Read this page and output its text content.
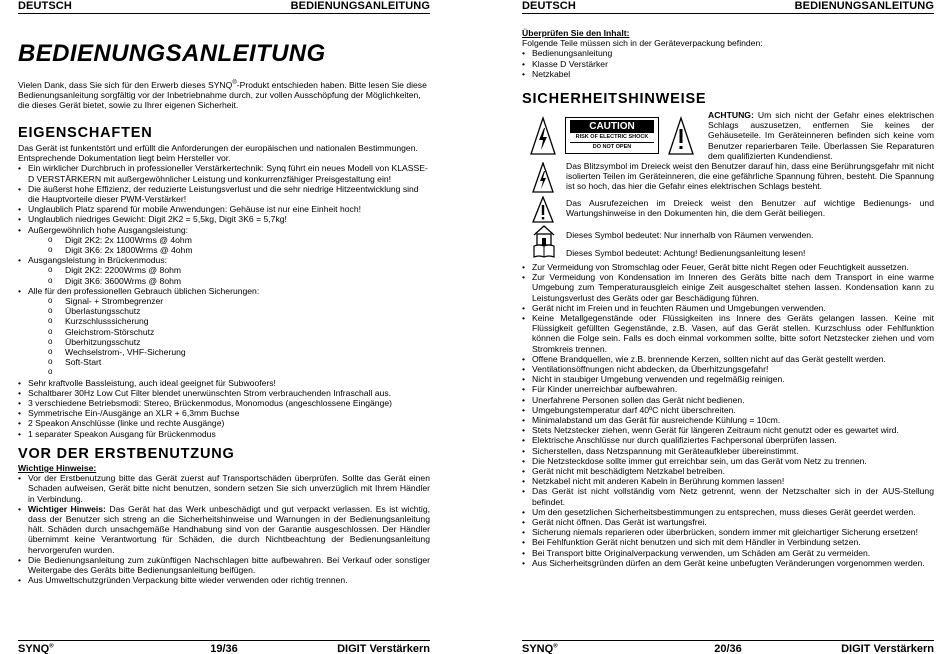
DEUTSCH	BEDIENUNGSANLEITUNG
BEDIENUNGSANLEITUNG
Vielen Dank, dass Sie sich für den Erwerb dieses SYNQ®-Produkt entschieden haben. Bitte lesen Sie diese Bedienungsanleitung sorgfältig vor der Inbetriebnahme durch, zur vollen Ausschöpfung der Möglichkeiten, die dieses Gerät bietet, sowie zu Ihrer eigenen Sicherheit.
EIGENSCHAFTEN
Das Gerät ist funkentstört und erfüllt die Anforderungen der europäischen und nationalen Bestimmungen. Entsprechende Dokumentation liegt beim Hersteller vor.
• Ein wirklicher Durchbruch in professioneller Verstärkertechnik: Synq führt ein neues Modell von KLASSE-D VERSTÄRKERN mit außergewöhnlicher Leistung und konkurrenzfähiger Preisgestaltung ein!
• Die äußerst hohe Effizienz, der reduzierte Leistungsverlust und die sehr niedrige Hitzeentwicklung sind die Hauptvorteile dieser PWM-Verstärker!
• Unglaublich Platz sparend für mobile Anwendungen: Gehäuse ist nur eine Einheit hoch!
• Unglaublich niedriges Gewicht: Digit 2K2 = 5,5kg, Digit 3K6 = 5,7kg!
• Außergewöhnlich hohe Ausgangsleistung:
o Digit 2K2: 2x 1100Wrms @ 4ohm
o Digit 3K6: 2x 1800Wrms @ 4ohm
• Ausgangsleistung in Brückenmodus:
o Digit 2K2: 2200Wrms @ 8ohm
o Digit 3K6: 3600Wrms @ 8ohm
• Alle für den professionellen Gebrauch üblichen Sicherungen:
o Signal- + Strombegrenzer
o Überlastungsschutz
o Kurzschlusssicherung
o Gleichstrom-Störschutz
o Überhitzungsschutz
o Wechselstrom-, VHF-Sicherung
o Soft-Start
o
• Sehr kraftvolle Bassleistung, auch ideal geeignet für Subwoofers!
• Schaltbarer 30Hz Low Cut Filter blendet unerwünschten Strom verbrauchenden Infraschall aus.
• 3 verschiedene Betriebsmodi: Stereo, Brückenmodus, Monomodus (angeschlossene Eingänge)
• Symmetrische Ein-/Ausgänge an XLR + 6,3mm Buchse
• 2 Speakon Anschlüsse (linke und rechte Ausgänge)
• 1 separater Speakon Ausgang für Brückenmodus
VOR DER ERSTBENUTZUNG
Wichtige Hinweise:
• Vor der Erstbenutzung bitte das Gerät zuerst auf Transportschäden überprüfen. Sollte das Gerät einen Schaden aufweisen, Gerät bitte nicht benutzen, sondern setzen Sie sich unverzüglich mit Ihrem Händler in Verbindung.
• Wichtiger Hinweis: Das Gerät hat das Werk unbeschädigt und gut verpackt verlassen. Es ist wichtig, dass der Benutzer sich streng an die Sicherheitshinweise und Warnungen in der Bedienungsanleitung hält. Schäden durch unsachgemäße Handhabung sind von der Garantie ausgeschlossen. Der Händler übernimmt keine Verantwortung für Schäden, die durch Nichtbeachtung der Bedienungsanleitung hervorgerufen wurden.
• Die Bedienungsanleitung zum zukünftigen Nachschlagen bitte aufbewahren. Bei Verkauf oder sonstiger Weitergabe des Geräts bitte Bedienungsanleitung beifügen.
• Aus Umweltschutzgründen Verpackung bitte wieder verwenden oder richtig trennen.
SYNQ®	19/36	DIGIT Verstärkern
DEUTSCH	BEDIENUNGSANLEITUNG
Überprüfen Sie den Inhalt:
Folgende Teile müssen sich in der Geräteverpackung befinden:
• Bedienungsanleitung
• Klasse D Verstärker
• Netzkabel
SICHERHEITSHINWEISE
CAUTION
RISK OF ELECTRIC SHOCK
DO NOT OPEN
ACHTUNG: Um sich nicht der Gefahr eines elektrischen Schlags auszusetzen, entfernen Sie keines der Gehäuseteile. Im Geräteinneren befinden sich keine vom Benutzer reparierbaren Teile. Überlassen Sie Reparaturen dem qualifizierten Kundendienst.
Das Blitzsymbol im Dreieck weist den Benutzer darauf hin, dass eine Berührungsgefahr mit nicht isolierten Teilen im Geräteinneren, die eine gefährliche Spannung führen, besteht. Die Spannung ist so hoch, das hier die Gefahr eines elektrischen Schlags besteht.
Das Ausrufezeichen im Dreieck weist den Benutzer auf wichtige Bedienungs- und Wartungshinweise in den Dokumenten hin, die dem Gerät beiliegen.
Dieses Symbol bedeutet: Nur innerhalb von Räumen verwenden.
Dieses Symbol bedeutet: Achtung! Bedienungsanleitung lesen!
• Zur Vermeidung von Stromschlag oder Feuer, Gerät bitte nicht Regen oder Feuchtigkeit aussetzen.
• Zur Vermeidung von Kondensation im Inneren des Geräts bitte nach dem Transport in eine warme Umgebung zum Temperaturausgleich einige Zeit ausgeschaltet stehen lassen. Kondensation kann zu Leistungsverlust des Geräts oder gar Beschädigung führen.
• Gerät nicht im Freien und in feuchten Räumen und Umgebungen verwenden.
• Keine Metallgegenstände oder Flüssigkeiten ins Innere des Geräts gelangen lassen. Keine mit Flüssigkeit gefüllten Gegenstände, z.B. Vasen, auf das Gerät stellen. Kurzschluss oder Fehlfunktion können die Folge sein. Falls es doch einmal vorkommen sollte, bitte sofort Netzstecker ziehen und vom Stromkreis trennen.
• Offene Brandquellen, wie z.B. brennende Kerzen, sollten nicht auf das Gerät gestellt werden.
• Ventilationsöffnungen nicht abdecken, da Überhitzungsgefahr!
• Nicht in staubiger Umgebung verwenden und regelmäßig reinigen.
• Für Kinder unerreichbar aufbewahren.
• Unerfahrene Personen sollen das Gerät nicht bedienen.
• Umgebungstemperatur darf 40ºC nicht überschreiten.
• Minimalabstand um das Gerät für ausreichende Kühlung = 10cm.
• Stets Netzstecker ziehen, wenn Gerät für längeren Zeitraum nicht genutzt oder es gewartet wird.
• Elektrische Anschlüsse nur durch qualifiziertes Fachpersonal überprüfen lassen.
• Sicherstellen, dass Netzspannung mit Geräteaufkleber übereinstimmt.
• Die Netzsteckdose sollte immer gut erreichbar sein, um das Gerät vom Netz zu trennen.
• Gerät nicht mit beschädigtem Netzkabel betreiben.
• Netzkabel nicht mit anderen Kabeln in Berührung kommen lassen!
• Das Gerät ist nicht vollständig vom Netz getrennt, wenn der Netzschalter sich in der AUS-Stellung befindet.
• Um den gesetzlichen Sicherheitsbestimmungen zu entsprechen, muss dieses Gerät geerdet werden.
• Gerät nicht öffnen. Das Gerät ist wartungsfrei.
• Sicherung niemals reparieren oder überbrücken, sondern immer mit gleichartiger Sicherung ersetzen!
• Bei Fehlfunktion Gerät nicht benutzen und sich mit dem Händler in Verbindung setzen.
• Bei Transport bitte Originalverpackung verwenden, um Schäden am Gerät zu vermeiden.
• Aus Sicherheitsgründen dürfen an dem Gerät keine unbefugten Veränderungen vorgenommen werden.
SYNQ®	20/36	DIGIT Verstärkern
